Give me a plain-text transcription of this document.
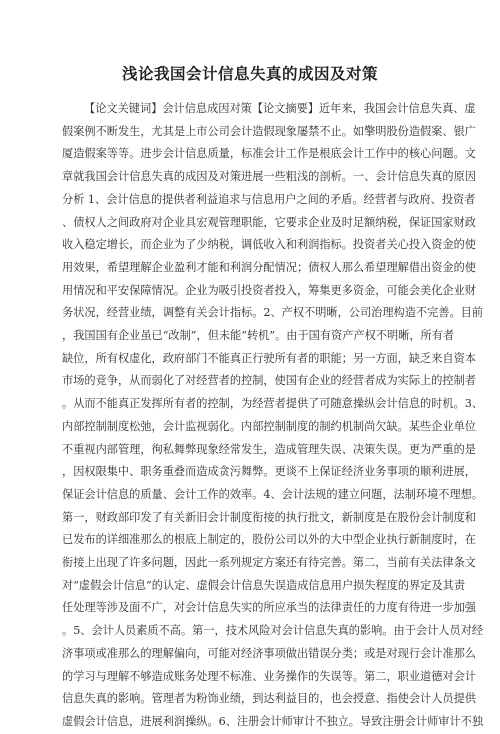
浅论我国会计信息失真的成因及对策
【论文关键词】会计信息成因对策【论文摘要】近年来，我国会计信息失真、虚
假案例不断发生，尤其是上市公司会计造假现象屡禁不止。如擎明股份造假案、银广
厦造假案等等。进步会计信息质量，标准会计工作是根底会计工作中的核心问题。文
章就我国会计信息失真的成因及对策进展一些粗浅的剖析。一、会计信息失真的原因
分析 1、会计信息的提供者利益追求与信息用户之间的矛盾。经营者与政府、投资者
、债权人之间政府对企业具宏观管理职能，它要求企业及时足额纳税，保证国家财政
收入稳定增长，而企业为了少纳税，调低收入和利润指标。投资者关心投入资金的使
用效果，希望理解企业盈利才能和利润分配情况；债权人那么希望理解借出资金的使
用情况和平安保障情况。企业为吸引投资者投入，筹集更多资金，可能会美化企业财
务状况，经营业绩，调整有关会计指标。2、产权不明晰，公司治理构造不完善。目前
，我国国有企业虽已“改制”，但未能“转机”。由于国有资产产权不明晰，所有者
缺位，所有权虚化，政府部门不能真正行驶所有者的职能；另一方面，缺乏来自资本
市场的竞争，从而弱化了对经营者的控制，使国有企业的经营者成为实际上的控制者
。从而不能真正发挥所有者的控制，为经营者提供了可随意操纵会计信息的时机。3、
内部控制制度松弛，会计监视弱化。内部控制制度的制约机制尚欠缺。某些企业单位
不重视内部管理，徇私舞弊现象经常发生，造成管理失误、决策失误。更为严重的是
，因权限集中、职务重叠而造成贪污舞弊。更谈不上保证经济业务事项的顺利进展，
保证会计信息的质量、会计工作的效率。4、会计法规的建立问题，法制环境不理想。
第一，财政部印发了有关新旧会计制度衔接的执行批文，新制度是在股份会计制度和
已发布的详细准那么的根底上制定的，股份公司以外的大中型企业执行新制度时，在
衔接上出现了许多问题，因此一系列规定方案还有待完善。第二，当前有关法律条文
对“虚假会计信息”的认定、虚假会计信息失误造成信息用户损失程度的界定及其责
任处理等涉及面不广，对会计信息失实的所应承当的法律责任的力度有待进一步加强
。5、会计人员素质不高。第一，技术风险对会计信息失真的影响。由于会计人员对经
济事项或准那么的理解偏向，可能对经济事项做出错误分类；或是对现行会计准那么
的学习与理解不够造成账务处理不标准、业务操作的失误等。第二，职业道德对会计
信息失真的影响。管理者为粉饰业绩，到达利益目的，也会授意、指使会计人员提供
虚假会计信息，进展利润操纵。6、注册会计师审计不独立。导致注册会计师审计不独
